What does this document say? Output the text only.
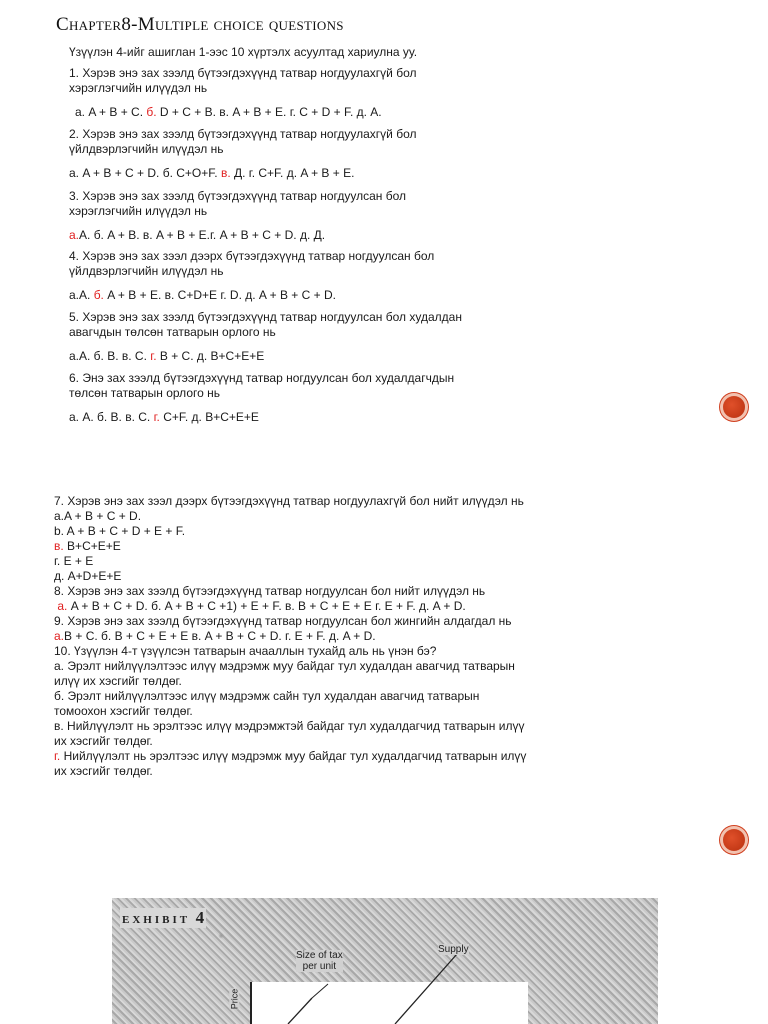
Chapter8-Multiple choice questions

Үзүүлэн 4-ийг ашиглан 1-ээс 10 хүртэлх асуултад хариулна уу.

1. Хэрэв энэ зах зээлд бүтээгдэхүүнд татвар ногдуулахгүй бол

хэрэглэгчийн илүүдэл нь

а. A + B + C. б. D + C + B. в. A + B + E. г. C + D + F. д. A.

2. Хэрэв энэ зах зээлд бүтээгдэхүүнд татвар ногдуулахгүй бол

үйлдвэрлэгчийн илүүдэл нь

а. A + B + C + D. б. C+O+F. в. Д. г. C+F. д. A + B + E.

3. Хэрэв энэ зах зээлд бүтээгдэхүүнд татвар ногдуулсан бол

хэрэглэгчийн илүүдэл нь

а.A. б. A + B. в. A + B + E.г. A + B + C + D. д. Д.

4. Хэрэв энэ зах зээл дээрх бүтээгдэхүүнд татвар ногдуулсан бол

үйлдвэрлэгчийн илүүдэл нь

а.A. б. A + B + E. в. C+D+E г. D. д. A + B + C + D.

5. Хэрэв энэ зах зээлд бүтээгдэхүүнд татвар ногдуулсан бол худалдан

авагчдын төлсөн татварын орлого нь

а.A. б. B. в. C. г. B + C. д. B+C+E+E

6. Энэ зах зээлд бүтээгдэхүүнд татвар ногдуулсан бол худалдагчдын

төлсөн татварын орлого нь

а. A. б. B. в. C. г. C+F. д. B+C+E+E

7. Хэрэв энэ зах зээл дээрх бүтээгдэхүүнд татвар ногдуулахгүй бол нийт илүүдэл нь

а.A + B + C + D.

b. A + B + C + D + E + F.

в. B+C+E+E

г. E + E

д. A+D+E+E

8. Хэрэв энэ зах зээлд бүтээгдэхүүнд татвар ногдуулсан бол нийт илүүдэл нь

а. A + B + C + D. б. A + B + C +1) + E + F. в. B + C + E + E г. E + F. д. A + D.

9. Хэрэв энэ зах зээлд бүтээгдэхүүнд татвар ногдуулсан бол жингийн алдагдал нь

а.B + C. б. B + C + E + E в. A + B + C + D. г. E + F. д. A + D.

10. Үзүүлэн 4-т үзүүлсэн татварын ачааллын тухайд аль нь үнэн бэ?

а. Эрэлт нийлүүлэлтээс илүү мэдрэмж муу байдаг тул худалдан авагчид татварын

илүү их хэсгийг төлдөг.

б. Эрэлт нийлүүлэлтээс илүү мэдрэмж сайн тул худалдан авагчид татварын

томоохон хэсгийг төлдөг.

в. Нийлүүлэлт нь эрэлтээс илүү мэдрэмжтэй байдаг тул худалдагчид татварын илүү

их хэсгийг төлдөг.

г. Нийлүүлэлт нь эрэлтээс илүү мэдрэмж муу байдаг тул худалдагчид татварын илүү

их хэсгийг төлдөг.

EXHIBIT 4
Size of tax
per unit
Supply
Price
